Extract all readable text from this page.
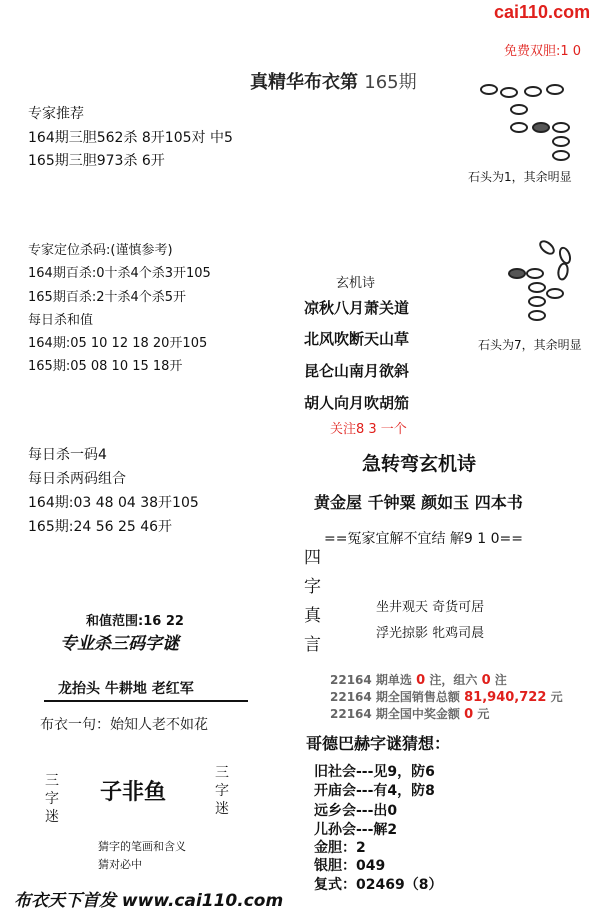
cai110.com
免费双胆:1 0
真精华布衣第 165期
专家推荐
164期三胆562杀 8开105对 中5
165期三胆973杀 6开
石头为1，其余明显
专家定位杀码:(谨慎参考)
164期百杀:0十杀4个杀3开105
165期百杀:2十杀4个杀5开
每日杀和值
164期:05 10 12 18 20开105
165期:05 08 10 15 18开
石头为7，其余明显
玄机诗
凉秋八月萧关道
北风吹断天山草
昆仑山南月欲斜
胡人向月吹胡笳
关注8 3 一个
每日杀一码4
每日杀两码组合
164期:03 48 04 38开105
165期:24 56 25 46开
急转弯玄机诗
黄金屋 千钟粟 颜如玉 四本书
==冤家宜解不宜结 解9 1 0==
四
字
真
言
坐井观天 奇货可居
浮光掠影 牝鸡司晨
22164 期单选 0 注，组六 0 注
22164 期全国销售总额 81,940,722 元
22164 期全国中奖金额 0 元
和值范围:16 22
专业杀三码字谜
龙抬头 牛耕地 老红军
布衣一句：始知人老不如花
三
字
迷
子非鱼
三
字
迷
猜字的笔画和含义
猜对必中
哥德巴赫字谜猜想：
旧社会---见9，防6
开庙会---有4，防8
远乡会---出0
儿孙会---解2
金胆：2
银胆：049
复式：02469（8）
布衣天下首发 www.cai110.com
